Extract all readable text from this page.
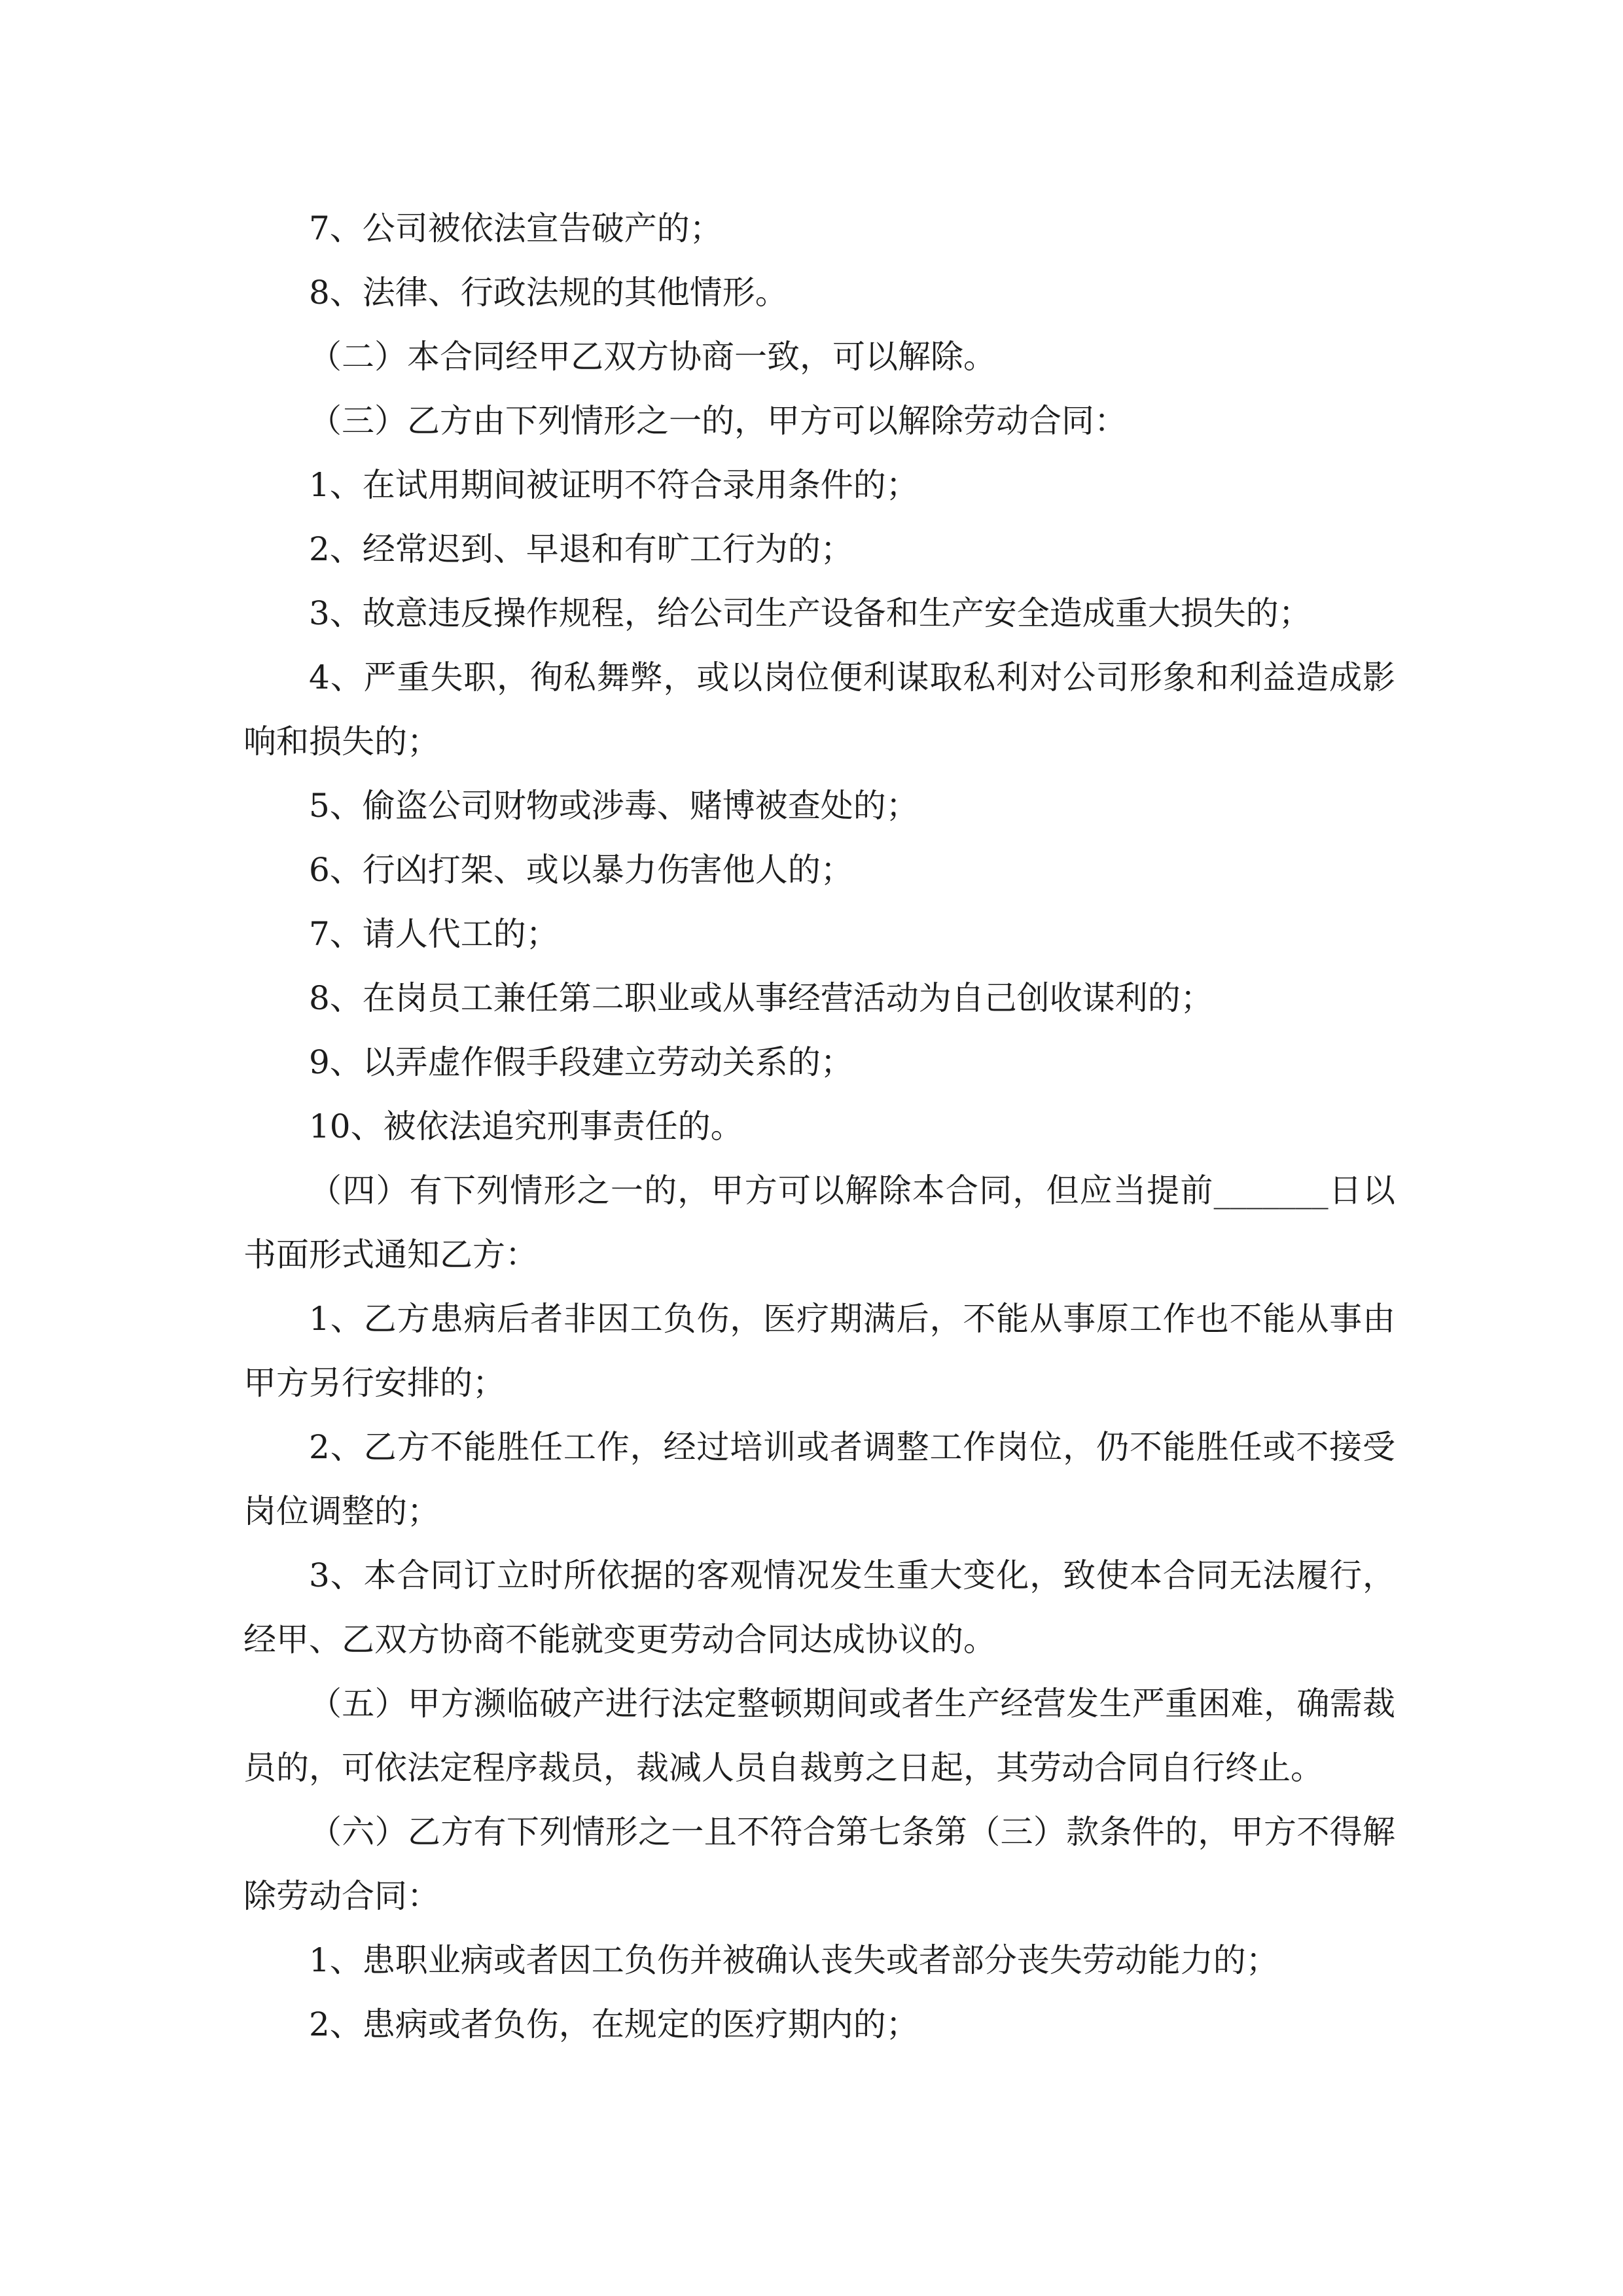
7、公司被依法宣告破产的；

8、法律、行政法规的其他情形。

（二）本合同经甲乙双方协商一致，可以解除。

（三）乙方由下列情形之一的，甲方可以解除劳动合同：

1、在试用期间被证明不符合录用条件的；

2、经常迟到、早退和有旷工行为的；

3、故意违反操作规程，给公司生产设备和生产安全造成重大损失的；

4、严重失职，徇私舞弊，或以岗位便利谋取私利对公司形象和利益造成影响和损失的；

5、偷盗公司财物或涉毒、赌博被查处的；

6、行凶打架、或以暴力伤害他人的；

7、请人代工的；

8、在岗员工兼任第二职业或从事经营活动为自己创收谋利的；

9、以弄虚作假手段建立劳动关系的；

10、被依法追究刑事责任的。

（四）有下列情形之一的，甲方可以解除本合同，但应当提前_______日以书面形式通知乙方：

1、乙方患病后者非因工负伤，医疗期满后，不能从事原工作也不能从事由甲方另行安排的；

2、乙方不能胜任工作，经过培训或者调整工作岗位，仍不能胜任或不接受岗位调整的；

3、本合同订立时所依据的客观情况发生重大变化，致使本合同无法履行，经甲、乙双方协商不能就变更劳动合同达成协议的。

（五）甲方濒临破产进行法定整顿期间或者生产经营发生严重困难，确需裁员的，可依法定程序裁员，裁减人员自裁剪之日起，其劳动合同自行终止。

（六）乙方有下列情形之一且不符合第七条第（三）款条件的，甲方不得解除劳动合同：

1、患职业病或者因工负伤并被确认丧失或者部分丧失劳动能力的；

2、患病或者负伤，在规定的医疗期内的；
